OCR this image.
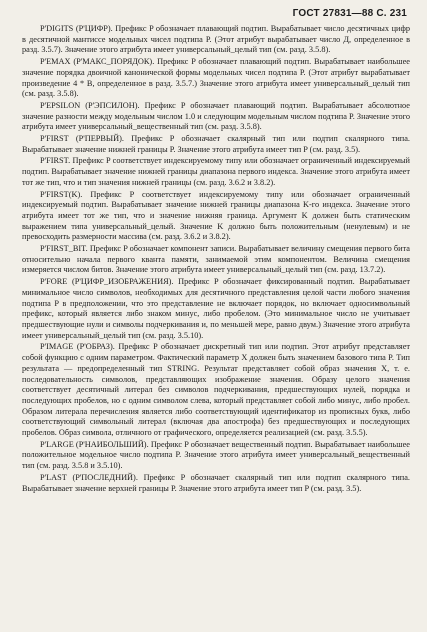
ГОСТ 27831—88 С. 231

P'DIGITS (P'ЦИФР). Префикс P обозначает плавающий подтип. Вырабатывает число десятичных цифр в десятичной мантиссе модельных чисел подтипа P. (Этот атрибут вырабатывает число Д, определенное в разд. 3.5.7). Значение этого атрибута имеет универсальный_целый тип (см. разд. 3.5.8).

P'EMAX (P'МАКС_ПОРЯДОК). Префикс P обозначает плавающий подтип. Вырабатывает наибольшее значение порядка двоичной канонической формы модельных чисел подтипа P. (Этот атрибут вырабатывает произведение 4 * B, определенное в разд. 3.5.7.) Значение этого атрибута имеет универсальный_целый тип (см. разд. 3.5.8).

P'EPSILON (P'ЭПСИЛОН). Префикс P обозначает плавающий подтип. Вырабатывает абсолютное значение разности между модельным числом 1.0 и следующим модельным числом подтипа P. Значение этого атрибута имеет универсальный_вещественный тип (см. разд. 3.5.8).

P'FIRST (P'ПЕРВЫЙ). Префикс P обозначает скалярный тип или подтип скалярного типа. Вырабатывает значение нижней границы P. Значение этого атрибута имеет тип P (см. разд. 3.5).

P'FIRST. Префикс P соответствует индексируемому типу или обозначает ограниченный индексируемый подтип. Вырабатывает значение нижней границы диапазона первого индекса. Значение этого атрибута имеет тот же тип, что и тип значения нижней границы (см. разд. 3.6.2 и 3.8.2).

P'FIRST(K). Префикс P соответствует индексируемому типу или обозначает ограниченный индексируемый подтип. Вырабатывает значение нижней границы диапазона K-го индекса. Значение этого атрибута имеет тот же тип, что и значение нижняя граница. Аргумент K должен быть статическим выражением типа универсальный_целый. Значение K должно быть положительным (ненулевым) и не превосходить размерности массива (см. разд. 3.6.2 и 3.8.2).

P'FIRST_BIT. Префикс P обозначает компонент записи. Вырабатывает величину смещения первого бита относительно начала первого кванта памяти, занимаемой этим компонентом. Величина смещения измеряется числом битов. Значение этого атрибута имеет универсальный_целый тип (см. разд. 13.7.2).

P'FORE (P'ЦИФР_ИЗОБРАЖЕНИЯ). Префикс P обозначает фиксированный подтип. Вырабатывает минимальное число символов, необходимых для десятичного представления целой части любого значения подтипа P в предположении, что это представление не включает порядок, но включает односимвольный префикс, который является либо знаком минус, либо пробелом. (Это минимальное число не учитывает предшествующие нули и символы подчеркивания и, по меньшей мере, равно двум.) Значение этого атрибута имеет универсальный_целый тип (см. разд. 3.5.10).

P'IMAGE (P'ОБРАЗ). Префикс P обозначает дискретный тип или подтип. Этот атрибут представляет собой функцию с одним параметром. Фактический параметр X должен быть значением базового типа P. Тип результата — предопределенный тип STRING. Результат представляет собой образ значения X, т. е. последовательность символов, представляющих изображение значения. Образу целого значения соответствует десятичный литерал без символов подчеркивания, предшествующих нулей, порядка и последующих пробелов, но с одним символом слева, который представляет собой либо минус, либо пробел. Образом литерала перечисления является либо соответствующий идентификатор из прописных букв, либо соответствующий символьный литерал (включая два апострофа) без предшествующих и последующих пробелов. Образ символа, отличного от графического, определяется реализацией (см. разд. 3.5.5).

P'LARGE (P'НАИБОЛЬШИЙ). Префикс P обозначает вещественный подтип. Вырабатывает наибольшее положительное модельное число подтипа P. Значение этого атрибута имеет универсальный_вещественный тип (см. разд. 3.5.8 и 3.5.10).

P'LAST (P'ПОСЛЕДНИЙ). Префикс P обозначает скалярный тип или подтип скалярного типа. Вырабатывает значение верхней границы P. Значение этого атрибута имеет тип P (см. разд. 3.5).
